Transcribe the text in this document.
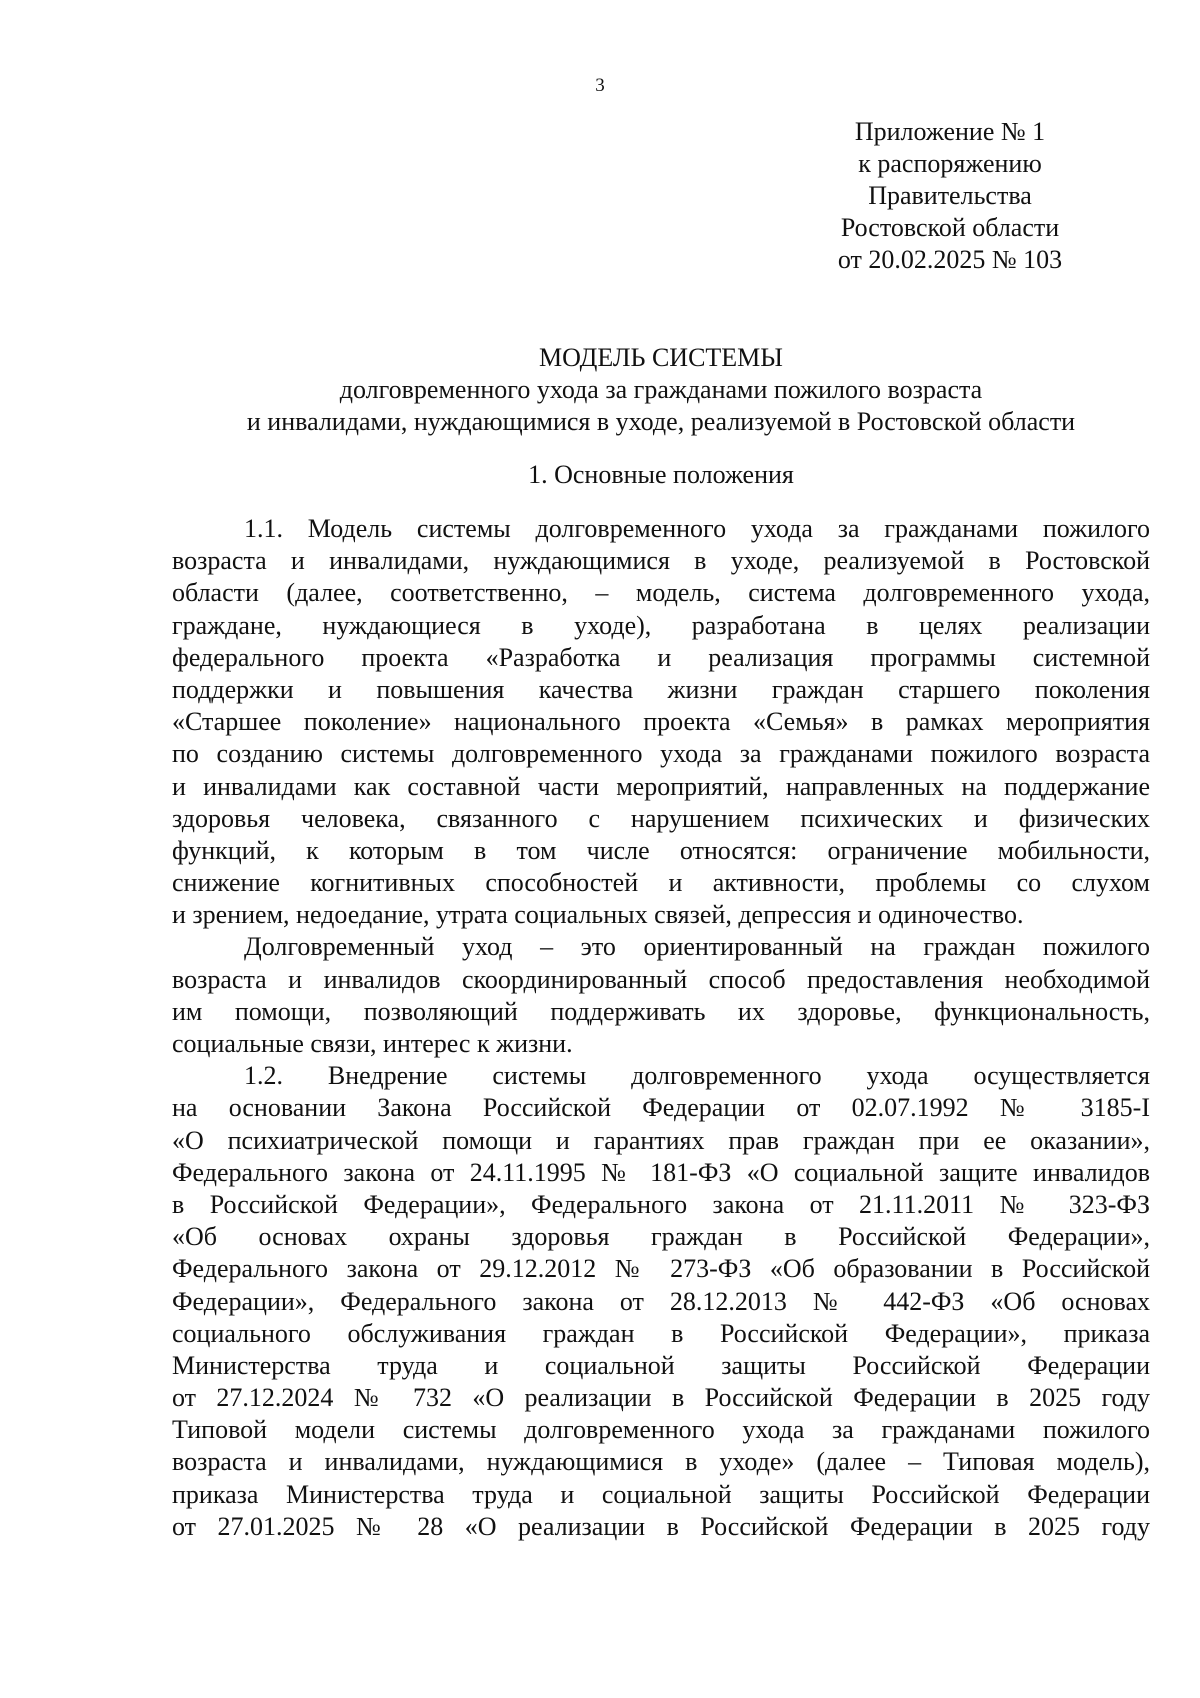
3
Приложение № 1
к распоряжению
Правительства
Ростовской области
от 20.02.2025 № 103
МОДЕЛЬ СИСТЕМЫ
долговременного ухода за гражданами пожилого возраста
и инвалидами, нуждающимися в уходе, реализуемой в Ростовской области
1. Основные положения
1.1. Модель системы долговременного ухода за гражданами пожилого
возраста и инвалидами, нуждающимися в уходе, реализуемой в Ростовской
области (далее, соответственно, – модель, система долговременного ухода,
граждане, нуждающиеся в уходе), разработана в целях реализации
федерального проекта «Разработка и реализация программы системной
поддержки и повышения качества жизни граждан старшего поколения
«Старшее поколение» национального проекта «Семья» в рамках мероприятия
по созданию системы долговременного ухода за гражданами пожилого возраста
и инвалидами как составной части мероприятий, направленных на поддержание
здоровья человека, связанного с нарушением психических и физических
функций, к которым в том числе относятся: ограничение мобильности,
снижение когнитивных способностей и активности, проблемы со слухом
и зрением, недоедание, утрата социальных связей, депрессия и одиночество.
Долговременный уход – это ориентированный на граждан пожилого
возраста и инвалидов скоординированный способ предоставления необходимой
им помощи, позволяющий поддерживать их здоровье, функциональность,
социальные связи, интерес к жизни.
1.2. Внедрение системы долговременного ухода осуществляется
на основании Закона Российской Федерации от 02.07.1992 № 3185-I
«О психиатрической помощи и гарантиях прав граждан при ее оказании»,
Федерального закона от 24.11.1995 № 181-ФЗ «О социальной защите инвалидов
в Российской Федерации», Федерального закона от 21.11.2011 № 323-ФЗ
«Об основах охраны здоровья граждан в Российской Федерации»,
Федерального закона от 29.12.2012 № 273-ФЗ «Об образовании в Российской
Федерации», Федерального закона от 28.12.2013 № 442-ФЗ «Об основах
социального обслуживания граждан в Российской Федерации», приказа
Министерства труда и социальной защиты Российской Федерации
от 27.12.2024 № 732 «О реализации в Российской Федерации в 2025 году
Типовой модели системы долговременного ухода за гражданами пожилого
возраста и инвалидами, нуждающимися в уходе» (далее – Типовая модель),
приказа Министерства труда и социальной защиты Российской Федерации
от 27.01.2025 № 28 «О реализации в Российской Федерации в 2025 году
